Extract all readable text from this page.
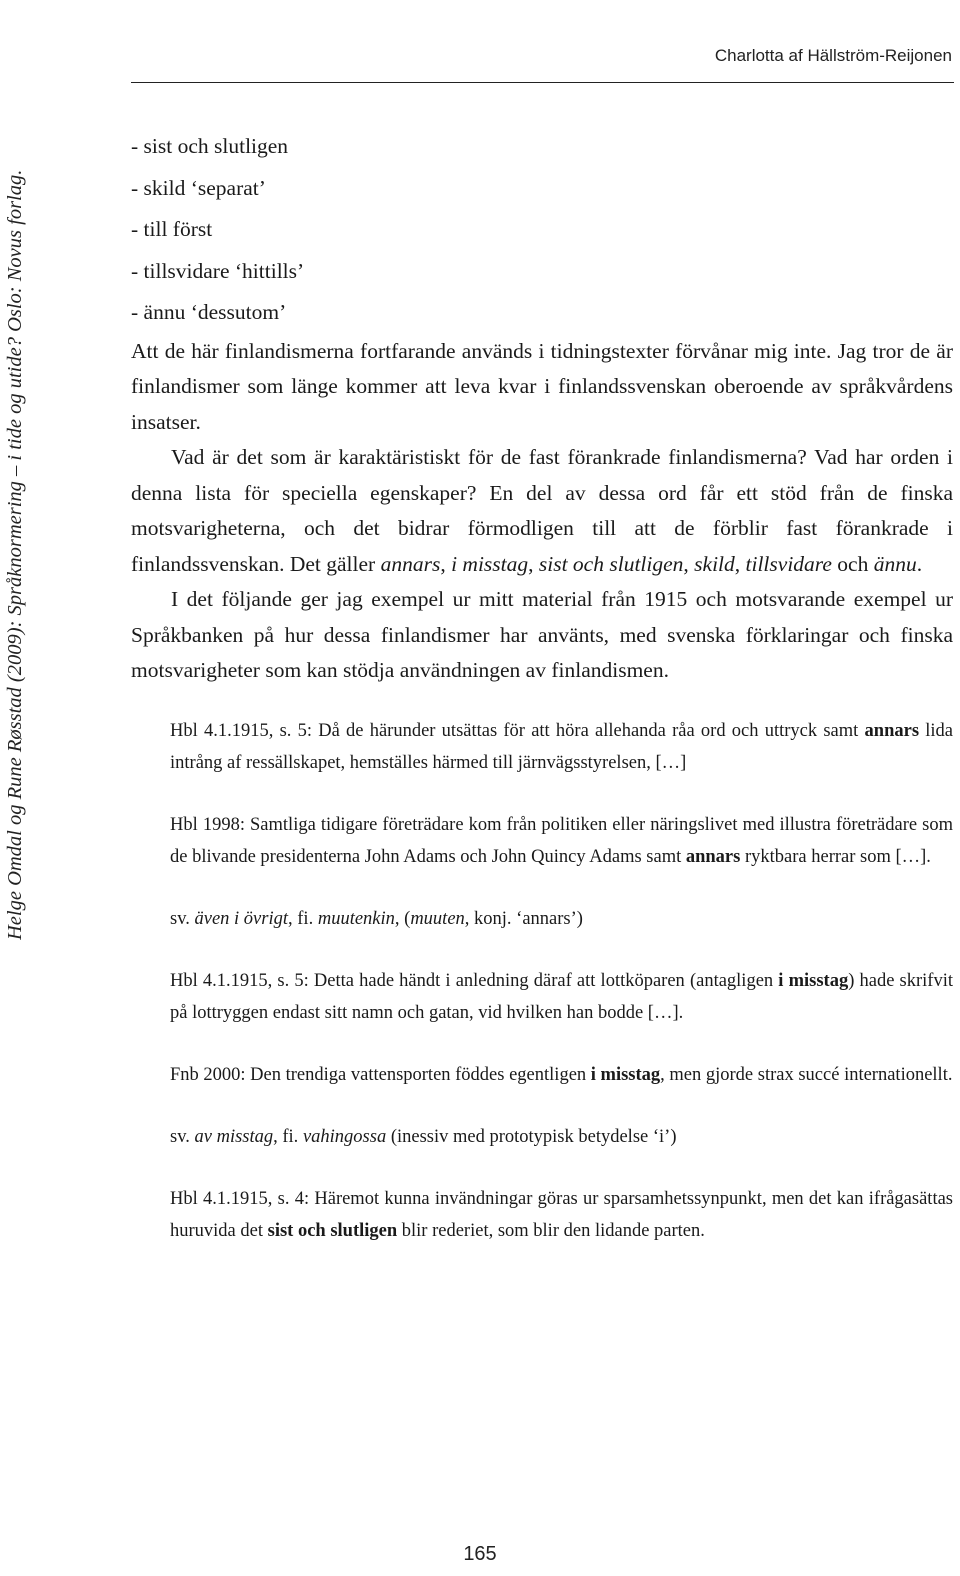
Helge Omdal og Rune Røsstad (2009): Språknormering – i tide og utide? Oslo: Novus forlag.
Charlotta af Hällström-Reijonen
- sist och slutligen
- skild ‘separat’
- till först
- tillsvidare ‘hittills’
- ännu ‘dessutom’

Att de här finlandismerna fortfarande används i tidningstexter förvånar mig inte. Jag tror de är finlandismer som länge kommer att leva kvar i finlandssvenskan oberoende av språkvårdens insatser.

Vad är det som är karaktäristiskt för de fast förankrade finlandismerna? Vad har orden i denna lista för speciella egenskaper? En del av dessa ord får ett stöd från de finska motsvarigheterna, och det bidrar förmodligen till att de förblir fast förankrade i finlandssvenskan. Det gäller annars, i misstag, sist och slutligen, skild, tillsvidare och ännu.

I det följande ger jag exempel ur mitt material från 1915 och motsvarande exempel ur Språkbanken på hur dessa finlandismer har använts, med svenska förklaringar och finska motsvarigheter som kan stödja användningen av finlandismen.

Hbl 4.1.1915, s. 5: Då de härunder utsättas för att höra allehanda råa ord och uttryck samt annars lida intrång af ressällskapet, hemställes härmed till järnvägsstyrelsen, […]

Hbl 1998: Samtliga tidigare företrädare kom från politiken eller näringslivet med illustra företrädare som de blivande presidenterna John Adams och John Quincy Adams samt annars ryktbara herrar som […].

sv. även i övrigt, fi. muutenkin, (muuten, konj. ‘annars’)

Hbl 4.1.1915, s. 5: Detta hade händt i anledning däraf att lottköparen (antagligen i misstag) hade skrifvit på lottryggen endast sitt namn och gatan, vid hvilken han bodde […].

Fnb 2000: Den trendiga vattensporten föddes egentligen i misstag, men gjorde strax succé internationellt.

sv. av misstag, fi. vahingossa (inessiv med prototypisk betydelse ‘i’)

Hbl 4.1.1915, s. 4: Häremot kunna invändningar göras ur sparsamhetssynpunkt, men det kan ifrågasättas huruvida det sist och slutligen blir rederiet, som blir den lidande parten.

165
